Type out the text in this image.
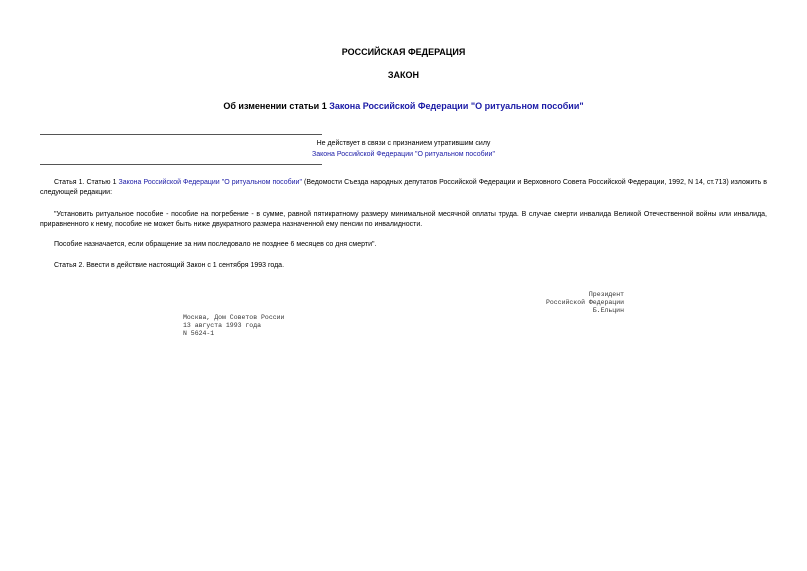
РОССИЙСКАЯ ФЕДЕРАЦИЯ
ЗАКОН
Об изменении статьи 1 Закона Российской Федерации "О ритуальном пособии"
Не действует в связи с признанием утратившим силу
Закона Российской Федерации "О ритуальном пособии"

Статья 1. Статью 1 Закона Российской Федерации "О ритуальном пособии" (Ведомости Съезда народных депутатов Российской Федерации и Верховного Совета Российской Федерации, 1992, N 14, ст.713) изложить в следующей редакции:

"Установить ритуальное пособие - пособие на погребение - в сумме, равной пятикратному размеру минимальной месячной оплаты труда. В случае смерти инвалида Великой Отечественной войны или инвалида, приравненного к нему, пособие не может быть ниже двукратного размера назначенной ему пенсии по инвалидности.

Пособие назначается, если обращение за ним последовало не позднее 6 месяцев со дня смерти".

Статья 2. Ввести в действие настоящий Закон с 1 сентября 1993 года.

Президент
Российской Федерации
Б.Ельцин
Москва, Дом Советов России
13 августа 1993 года
N 5624-1
